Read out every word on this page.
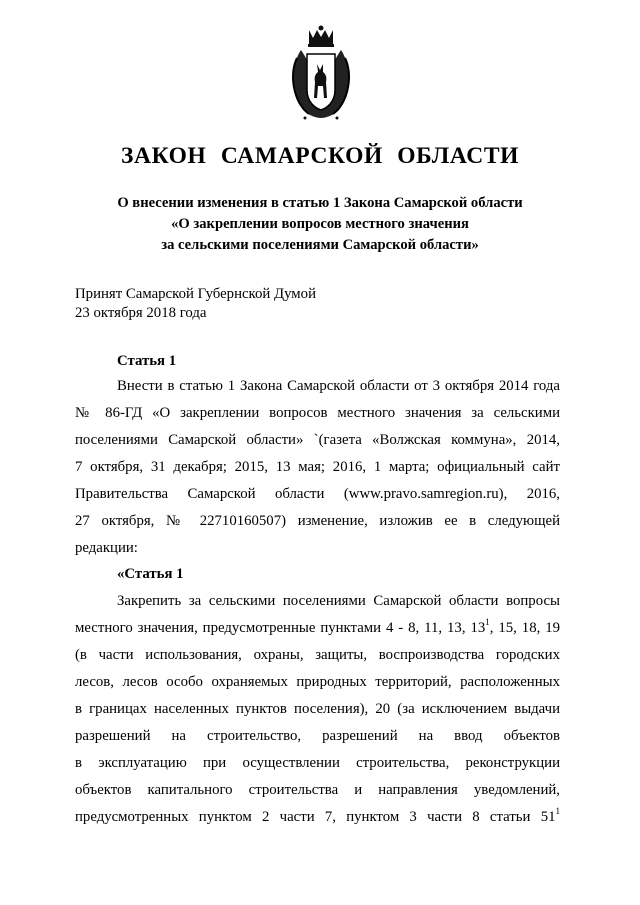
ЗАКОН САМАРСКОЙ ОБЛАСТИ
О внесении изменения в статью 1 Закона Самарской области
«О закреплении вопросов местного значения
за сельскими поселениями Самарской области»
Принят Самарской Губернской Думой
23 октября 2018 года
Статья 1
Внести в статью 1 Закона Самарской области от 3 октября 2014 года
№ 86-ГД «О закреплении вопросов местного значения за сельскими
поселениями Самарской области» `(газета «Волжская коммуна», 2014,
7 октября, 31 декабря; 2015, 13 мая; 2016, 1 марта; официальный сайт
Правительства Самарской области (www.pravo.samregion.ru), 2016,
27 октября, № 22710160507) изменение, изложив ее в следующей
редакции:
«Статья 1
Закрепить за сельскими поселениями Самарской области вопросы
местного значения, предусмотренные пунктами 4 - 8, 11, 13, $13^1$, 15, 18, 19
(в части использования, охраны, защиты, воспроизводства городских
лесов, лесов особо охраняемых природных территорий, расположенных
в границах населенных пунктов поселения), 20 (за исключением выдачи
разрешений на строительство, разрешений на ввод объектов
в эксплуатацию при осуществлении строительства, реконструкции
объектов капитального строительства и направления уведомлений,
предусмотренных пунктом 2 части 7, пунктом 3 части 8 статьи $51^1$
